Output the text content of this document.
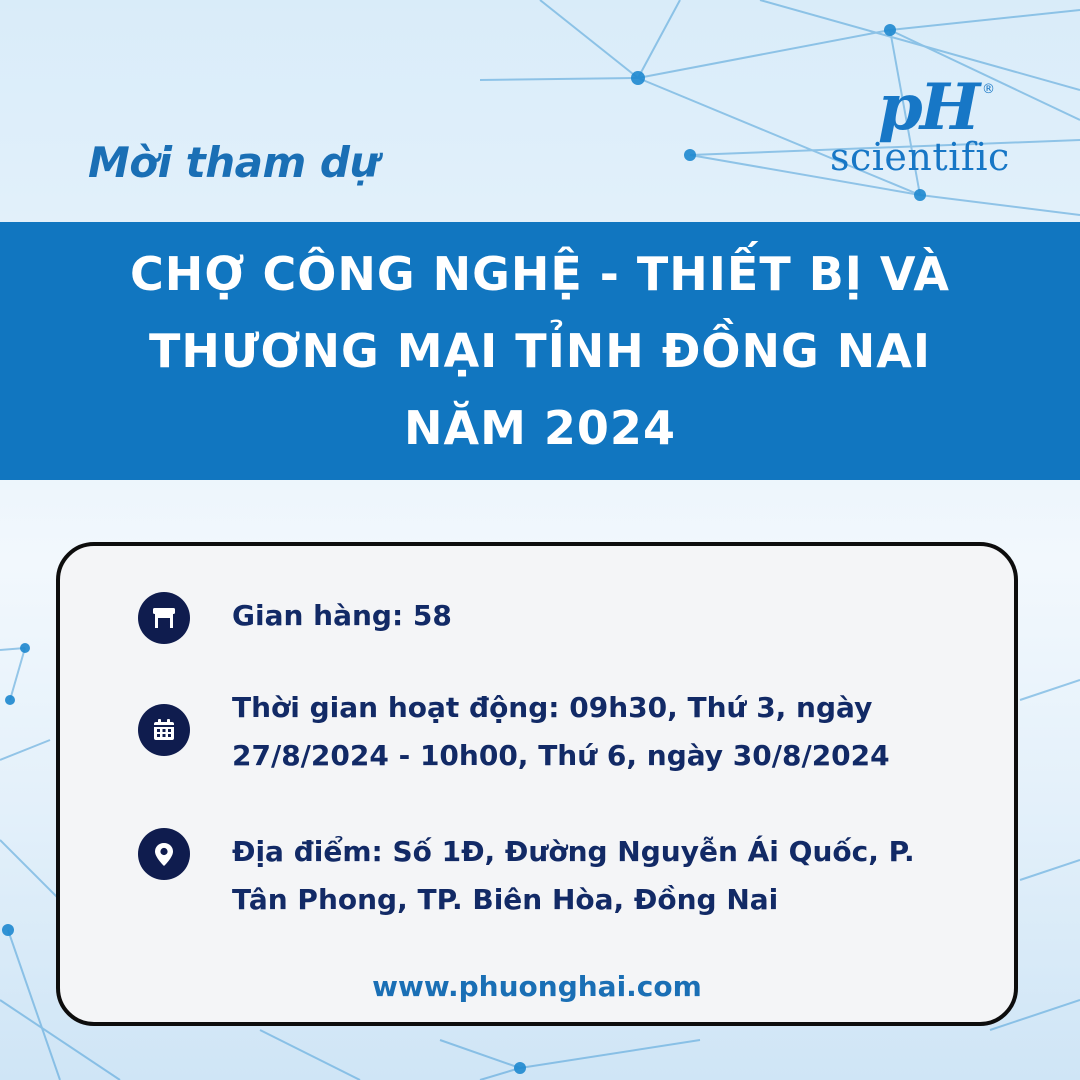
Mời tham dự
pH ®
scientific
CHỢ CÔNG NGHỆ - THIẾT BỊ VÀ
THƯƠNG MẠI TỈNH ĐỒNG NAI
NĂM 2024
Gian hàng: 58
Thời gian hoạt động: 09h30, Thứ 3, ngày
27/8/2024 - 10h00, Thứ 6, ngày 30/8/2024
Địa điểm: Số 1Đ, Đường Nguyễn Ái Quốc, P.
Tân Phong, TP. Biên Hòa, Đồng Nai
www.phuonghai.com
